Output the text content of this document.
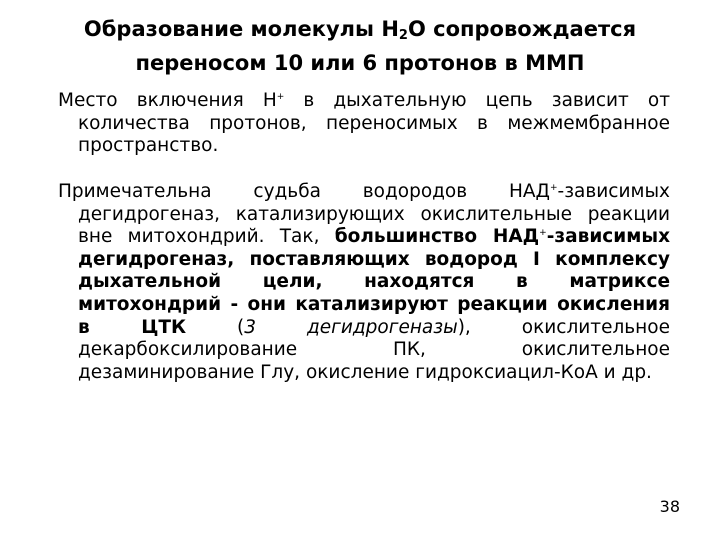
Образование молекулы $Н_2О$ сопровождается переносом 10 или 6 протонов в ММП
Место включения Н+ в дыхательную цепь зависит от количества протонов, переносимых в межмембранное пространство.
Примечательна судьба водородов НАД+-зависимых дегидрогеназ, катализирующих окислительные реакции вне митохондрий. Так, большинство НАД+-зависимых дегидрогеназ, поставляющих водород I комплексу дыхательной цели, находятся в матриксе митохондрий - они катализируют реакции окисления в ЦТК (3 дегидрогеназы), окислительное декарбоксилирование ПК, окислительное дезаминирование Глу, окисление гидроксиацил-КоА и др.
38
